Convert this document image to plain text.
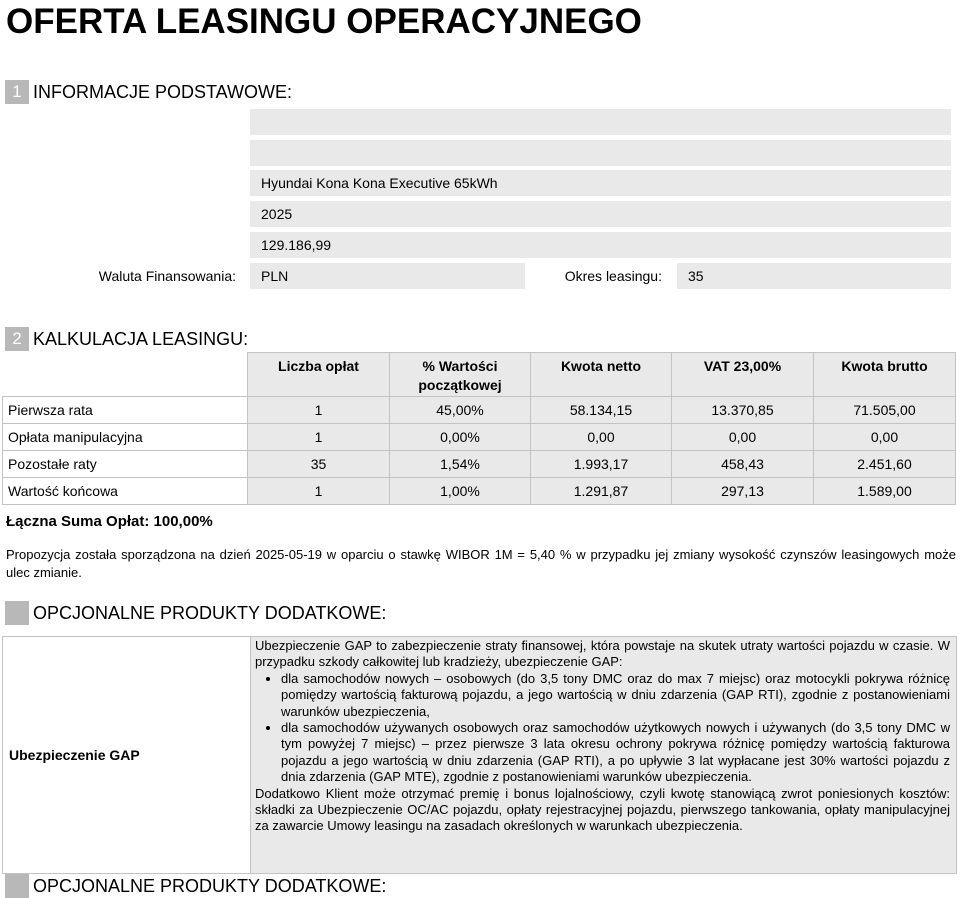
OFERTA LEASINGU OPERACYJNEGO
1 INFORMACJE PODSTAWOWE:
Hyundai Kona Kona Executive 65kWh
2025
129.186,99
Waluta Finansowania:	PLN	Okres leasingu:	35
2 KALKULACJA LEASINGU:
	Liczba opłat	% Wartości początkowej	Kwota netto	VAT 23,00%	Kwota brutto
Pierwsza rata	1	45,00%	58.134,15	13.370,85	71.505,00
Opłata manipulacyjna	1	0,00%	0,00	0,00	0,00
Pozostałe raty	35	1,54%	1.993,17	458,43	2.451,60
Wartość końcowa	1	1,00%	1.291,87	297,13	1.589,00
Łączna Suma Opłat: 100,00%
Propozycja została sporządzona na dzień 2025-05-19 w oparciu o stawkę WIBOR 1M = 5,40 % w przypadku jej zmiany wysokość czynszów leasingowych może ulec zmianie.
OPCJONALNE PRODUKTY DODATKOWE:
Ubezpieczenie GAP

Ubezpieczenie GAP to zabezpieczenie straty finansowej, która powstaje na skutek utraty wartości pojazdu w czasie. W przypadku szkody całkowitej lub kradzieży, ubezpieczenie GAP:

• dla samochodów nowych – osobowych (do 3,5 tony DMC oraz do max 7 miejsc) oraz motocykli pokrywa różnicę pomiędzy wartością fakturową pojazdu, a jego wartością w dniu zdarzenia (GAP RTI), zgodnie z postanowieniami warunków ubezpieczenia,
• dla samochodów używanych osobowych oraz samochodów użytkowych nowych i używanych (do 3,5 tony DMC w tym powyżej 7 miejsc) – przez pierwsze 3 lata okresu ochrony pokrywa różnicę pomiędzy wartością fakturowa pojazdu a jego wartością w dniu zdarzenia (GAP RTI), a po upływie 3 lat wypłacane jest 30% wartości pojazdu z dnia zdarzenia (GAP MTE), zgodnie z postanowieniami warunków ubezpieczenia.

Dodatkowo Klient może otrzymać premię i bonus lojalnościowy, czyli kwotę stanowiącą zwrot poniesionych kosztów: składki za Ubezpieczenie OC/AC pojazdu, opłaty rejestracyjnej pojazdu, pierwszego tankowania, opłaty manipulacyjnej za zawarcie Umowy leasingu na zasadach określonych w warunkach ubezpieczenia.

OPCJONALNE PRODUKTY DODATKOWE:
